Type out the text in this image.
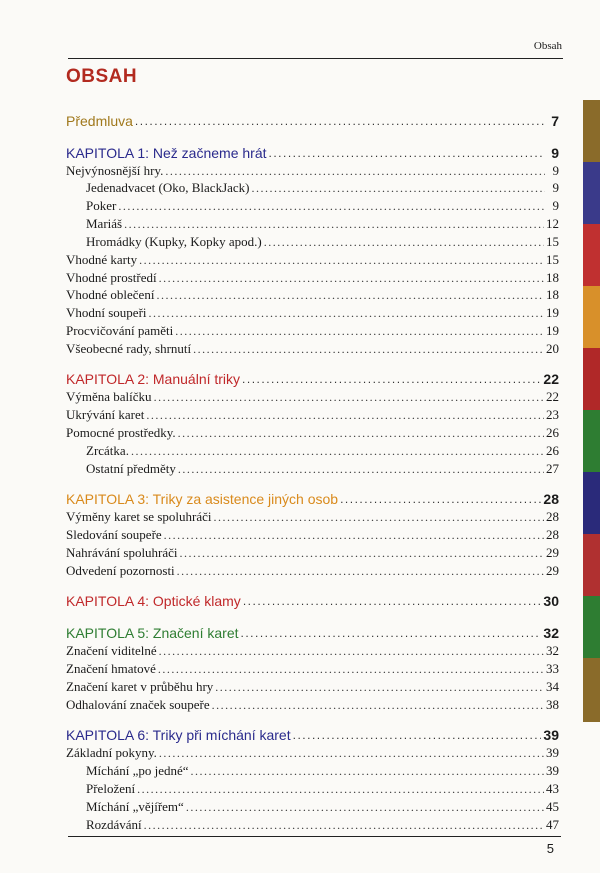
Obsah
OBSAH
Předmluva .....	7
KAPITOLA 1: Než začneme hrát .....	9
Nejvýnosnější hry. .....	9
Jedenadvacet (Oko, BlackJack) .....	9
Poker .....	9
Mariáš .....	12
Hromádky (Kupky, Kopky apod.) .....	15
Vhodné karty .....	15
Vhodné prostředí .....	18
Vhodné oblečení .....	18
Vhodní soupeři .....	19
Procvičování paměti .....	19
Všeobecné rady, shrnutí .....	20
KAPITOLA 2: Manuální triky .....	22
Výměna balíčku .....	22
Ukrývání karet .....	23
Pomocné prostředky. .....	26
Zrcátka. .....	26
Ostatní předměty .....	27
KAPITOLA 3: Triky za asistence jiných osob .....	28
Výměny karet se spoluhráči .....	28
Sledování soupeře .....	28
Nahrávání spoluhráči .....	29
Odvedení pozornosti .....	29
KAPITOLA 4: Optické klamy .....	30
KAPITOLA 5: Značení karet .....	32
Značení viditelné .....	32
Značení hmatové .....	33
Značení karet v průběhu hry .....	34
Odhalování značek soupeře .....	38
KAPITOLA 6: Triky při míchání karet .....	39
Základní pokyny. .....	39
Míchání „po jedné“ .....	39
Přeložení .....	43
Míchání „vějířem“ .....	45
Rozdávání .....	47
5
